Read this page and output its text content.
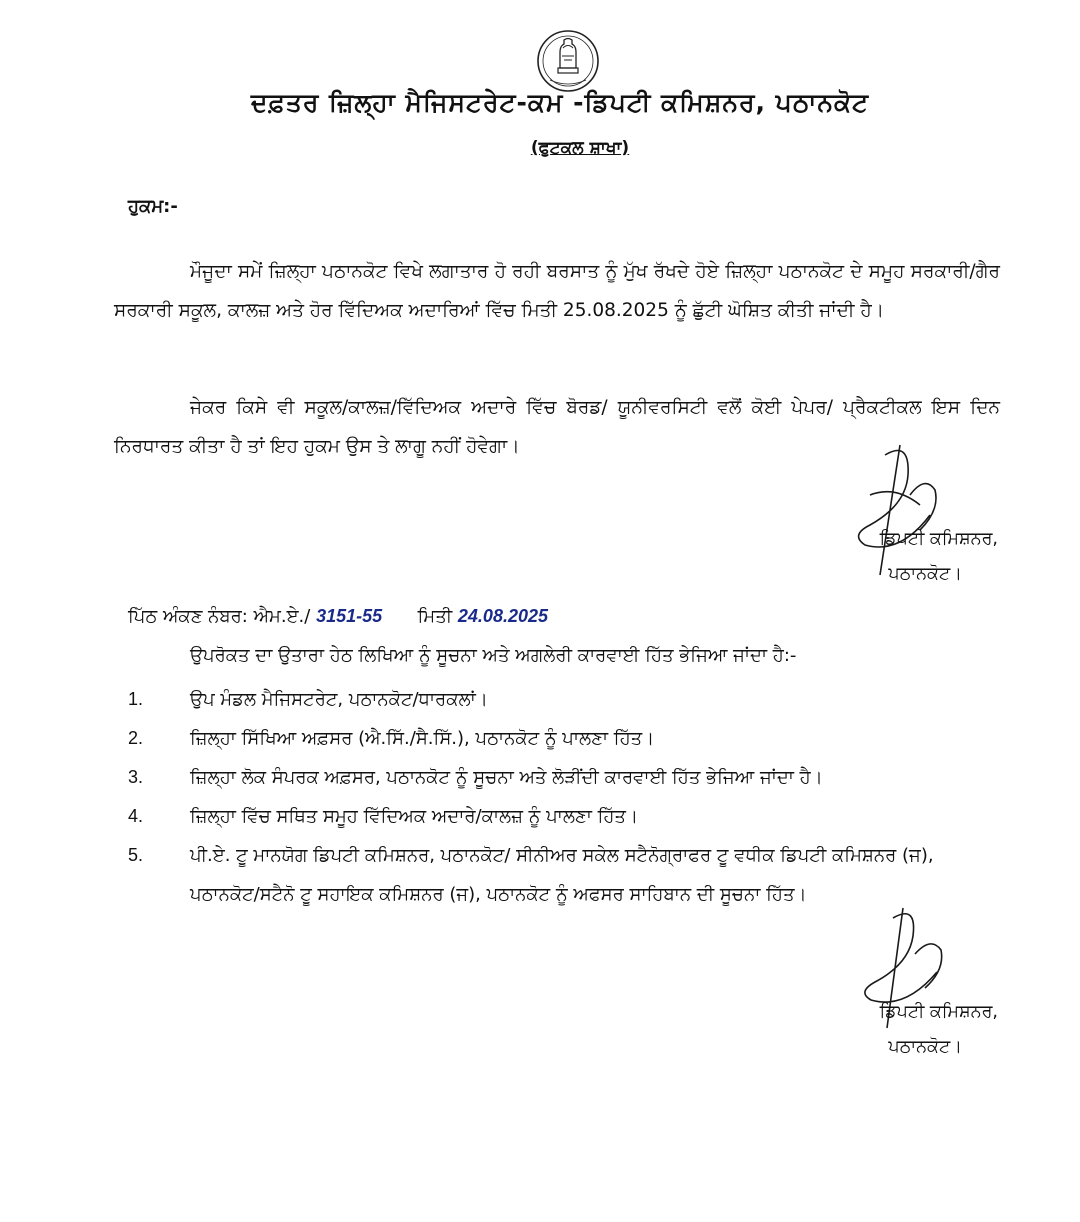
ਦਫ਼ਤਰ ਜ਼ਿਲ੍ਹਾ ਮੈਜਿਸਟਰੇਟ-ਕਮ -ਡਿਪਟੀ ਕਮਿਸ਼ਨਰ, ਪਠਾਨਕੋਟ
(ਫੁਟਕਲ ਸ਼ਾਖਾ)
ਹੁਕਮ:-

ਮੌਜੂਦਾ ਸਮੇਂ ਜ਼ਿਲ੍ਹਾ ਪਠਾਨਕੋਟ ਵਿਖੇ ਲਗਾਤਾਰ ਹੋ ਰਹੀ ਬਰਸਾਤ ਨੂੰ ਮੁੱਖ ਰੱਖਦੇ ਹੋਏ ਜ਼ਿਲ੍ਹਾ ਪਠਾਨਕੋਟ ਦੇ ਸਮੂਹ ਸਰਕਾਰੀ/ਗੈਰ ਸਰਕਾਰੀ ਸਕੂਲ, ਕਾਲਜ਼ ਅਤੇ ਹੋਰ ਵਿੱਦਿਅਕ ਅਦਾਰਿਆਂ ਵਿੱਚ ਮਿਤੀ 25.08.2025 ਨੂੰ ਛੁੱਟੀ ਘੋਸ਼ਿਤ ਕੀਤੀ ਜਾਂਦੀ ਹੈ।

ਜੇਕਰ ਕਿਸੇ ਵੀ ਸਕੂਲ/ਕਾਲਜ਼/ਵਿੱਦਿਅਕ ਅਦਾਰੇ ਵਿੱਚ ਬੋਰਡ/ ਯੂਨੀਵਰਸਿਟੀ ਵਲੋਂ ਕੋਈ ਪੇਪਰ/ ਪ੍ਰੈਕਟੀਕਲ ਇਸ ਦਿਨ ਨਿਰਧਾਰਤ ਕੀਤਾ ਹੈ ਤਾਂ ਇਹ ਹੁਕਮ ਉਸ ਤੇ ਲਾਗੂ ਨਹੀਂ ਹੋਵੇਗਾ।

ਡਿਪਟੀ ਕਮਿਸ਼ਨਰ,
ਪਠਾਨਕੋਟ।
ਪਿੱਠ ਅੰਕਣ ਨੰਬਰ: ਐਮ.ਏ./ 3151-55 ਮਿਤੀ 24.08.2025
ਉਪਰੋਕਤ ਦਾ ਉਤਾਰਾ ਹੇਠ ਲਿਖਿਆ ਨੂੰ ਸੂਚਨਾ ਅਤੇ ਅਗਲੇਰੀ ਕਾਰਵਾਈ ਹਿੱਤ ਭੇਜਿਆ ਜਾਂਦਾ ਹੈ:-
1.	ਉਪ ਮੰਡਲ ਮੈਜਿਸਟਰੇਟ, ਪਠਾਨਕੋਟ/ਧਾਰਕਲਾਂ।
2.	ਜ਼ਿਲ੍ਹਾ ਸਿੱਖਿਆ ਅਫ਼ਸਰ (ਐ.ਸਿੱ./ਸੈ.ਸਿੱ.), ਪਠਾਨਕੋਟ ਨੂੰ ਪਾਲਣਾ ਹਿੱਤ।
3.	ਜ਼ਿਲ੍ਹਾ ਲੋਕ ਸੰਪਰਕ ਅਫ਼ਸਰ, ਪਠਾਨਕੋਟ ਨੂੰ ਸੂਚਨਾ ਅਤੇ ਲੋੜੀਂਦੀ ਕਾਰਵਾਈ ਹਿੱਤ ਭੇਜਿਆ ਜਾਂਦਾ ਹੈ।
4.	ਜ਼ਿਲ੍ਹਾ ਵਿੱਚ ਸਥਿਤ ਸਮੂਹ ਵਿੱਦਿਅਕ ਅਦਾਰੇ/ਕਾਲਜ਼ ਨੂੰ ਪਾਲਣਾ ਹਿੱਤ।
5.	ਪੀ.ਏ. ਟੂ ਮਾਨਯੋਗ ਡਿਪਟੀ ਕਮਿਸ਼ਨਰ, ਪਠਾਨਕੋਟ/ ਸੀਨੀਅਰ ਸਕੇਲ ਸਟੈਨੋਗ੍ਰਾਫਰ ਟੂ ਵਧੀਕ ਡਿਪਟੀ ਕਮਿਸ਼ਨਰ (ਜ), ਪਠਾਨਕੋਟ/ਸਟੈਨੋ ਟੂ ਸਹਾਇਕ ਕਮਿਸ਼ਨਰ (ਜ), ਪਠਾਨਕੋਟ ਨੂੰ ਅਫਸਰ ਸਾਹਿਬਾਨ ਦੀ ਸੂਚਨਾ ਹਿੱਤ।
ਡਿਪਟੀ ਕਮਿਸ਼ਨਰ,
ਪਠਾਨਕੋਟ।
